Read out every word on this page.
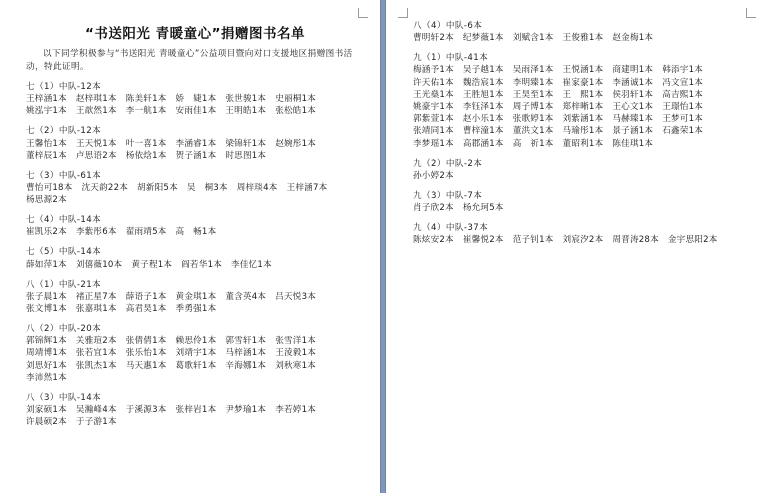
“书送阳光 青暖童心”捐赠图书名单
以下同学积极参与“书送阳光 青暖童心”公益项目暨向对口支援地区捐赠图书活动，特此证明。
七（1）中队-12本
王梓涵1本 赵梓琪1本 陈美轩1本 娇　婕1本 张世骏1本 史丽桐1本姚泓宇1本 王歆然1本 李一航1本 安雨佳1本 王明皓1本 张松皓1本
七（2）中队-12本
王馨怡1本 王天悦1本 叶一喜1本 李涵睿1本 梁锦轩1本 赵婉彤1本董梓辰1本 卢思语2本 杨依焓1本 贺子涵1本 时思图1本
七（3）中队-61本
曹怡可18本 沈天韵22本 胡新阳5本 吴　桐3本 周梓琰4本 王梓涵7本杨思源2本
七（4）中队-14本
崔凯乐2本 李紫彤6本 翟雨靖5本 高　畅1本
七（5）中队-14本
薛如萍1本 刘僖薇10本 黄子程1本 阎若华1本 李佳忆1本
八（1）中队-21本
张子晨1本 褚正星7本 薛语子1本 黄金琪1本 董含英4本 吕天悦3本张文博1本 张嘉琪1本 高君昊1本 季勇强1本
八（2）中队-20本
郭锦辉1本 关雅瑄2本 张倩倩1本 赖思伶1本 郭雪轩1本 张雪洋1本周靖博1本 张若宜1本 张乐怡1本 刘靖宇1本 马梓涵1本 王淩毅1本刘思好1本 张凯杰1本 马天惠1本 葛歌轩1本 辛海娜1本 刘秋寒1本李沛然1本
八（3）中队-14本
刘家硕1本 吴瀚峰4本 于溪源3本 张梓岩1本 尹梦瑜1本 李若婷1本许晨硕2本 于子游1本
八（4）中队-6本
曹明轩2本 纪梦薇1本 刘赋含1本 王俊雅1本 赵金梅1本
九（1）中队-41本
梅涵予1本 吴子越1本 吴雨泽1本 王悦涵1本 商建明1本 韩添宇1本许天佑1本 魏浩宸1本 李明臻1本 崔家豪1本 李涵诚1本 冯文宣1本王光燊1本 王胜旭1本 王昊至1本 王　熙1本 侯羽轩1本 高吉熙1本姚豪宇1本 李钰泽1本 周子博1本 郑梓晰1本 王心文1本 王璟怡1本郭紫萱1本 赵小乐1本 张歌婷1本 刘紫涵1本 马赫臻1本 王梦可1本张靖同1本 曹梓潼1本 董洪文1本 马瑜彤1本 景子涵1本 石鑫荣1本李梦瑶1本 高郡涵1本 高　祈1本 董昭利1本 陈佳琪1本
九（2）中队-2本
孙小婷2本
九（3）中队-7本
肖子欣2本 杨允珂5本
九（4）中队-37本
陈炫安2本 崔馨悦2本 范子钊1本 刘宸汐2本 周晋涛28本 金宇思阳2本
